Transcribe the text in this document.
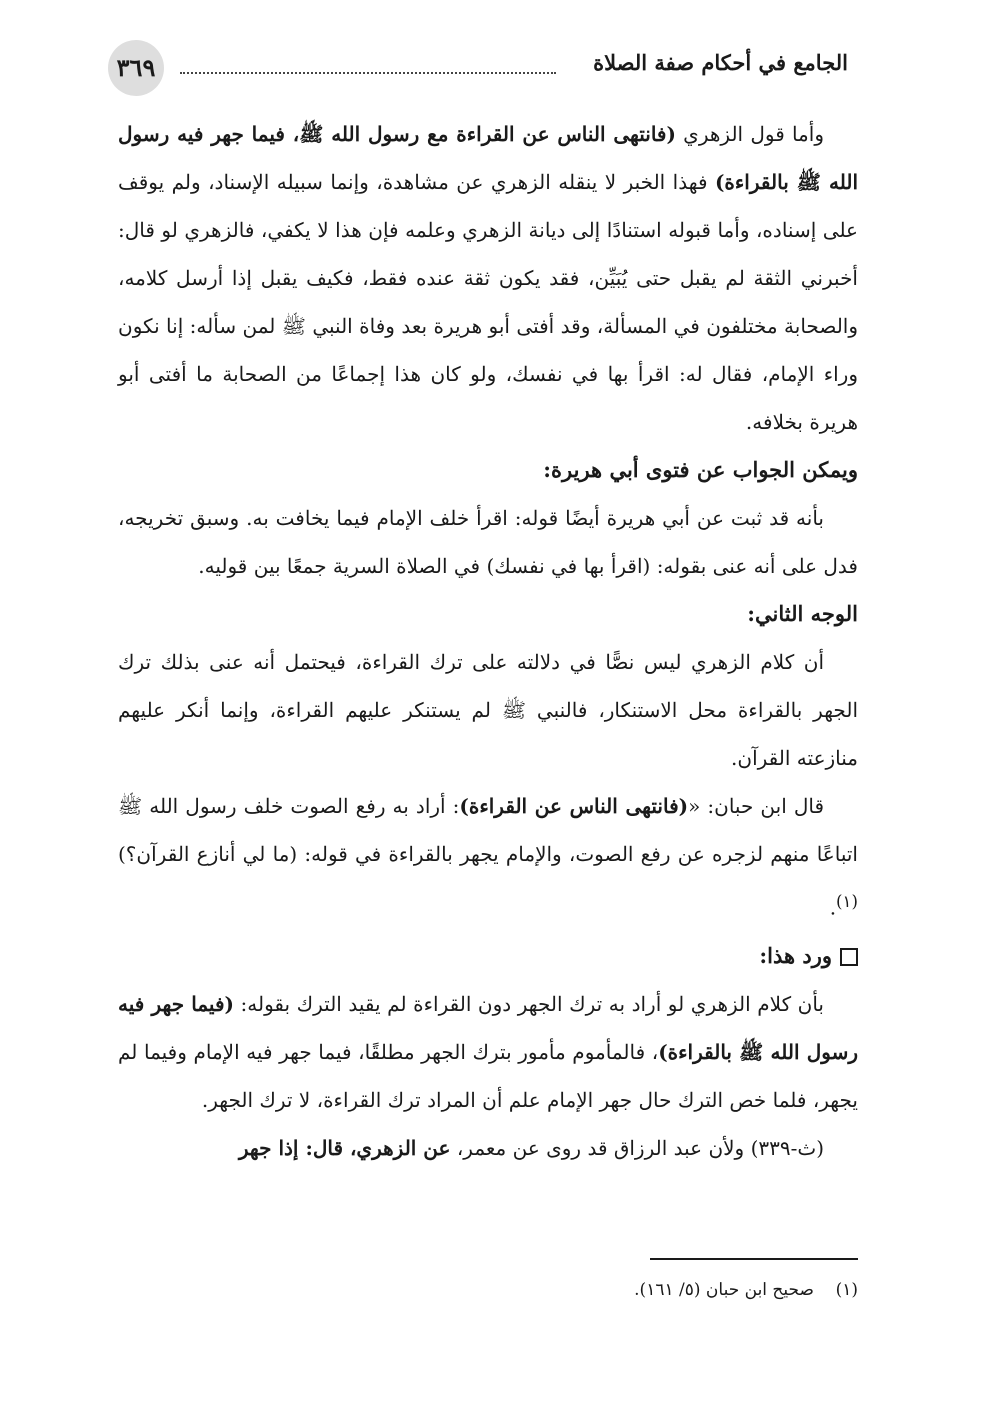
الجامع في أحكام صفة الصلاة
٣٦٩

وأما قول الزهري (فانتهى الناس عن القراءة مع رسول الله ﷺ، فيما جهر فيه رسول الله ﷺ بالقراءة) فهذا الخبر لا ينقله الزهري عن مشاهدة، وإنما سبيله الإسناد، ولم يوقف على إسناده، وأما قبوله استنادًا إلى ديانة الزهري وعلمه فإن هذا لا يكفي، فالزهري لو قال: أخبرني الثقة لم يقبل حتى يُبَيِّن، فقد يكون ثقة عنده فقط، فكيف يقبل إذا أرسل كلامه، والصحابة مختلفون في المسألة، وقد أفتى أبو هريرة بعد وفاة النبي ﷺ لمن سأله: إنا نكون وراء الإمام، فقال له: اقرأ بها في نفسك، ولو كان هذا إجماعًا من الصحابة ما أفتى أبو هريرة بخلافه.

ويمكن الجواب عن فتوى أبي هريرة:

بأنه قد ثبت عن أبي هريرة أيضًا قوله: اقرأ خلف الإمام فيما يخافت به. وسبق تخريجه، فدل على أنه عنى بقوله: (اقرأ بها في نفسك) في الصلاة السرية جمعًا بين قوليه.

الوجه الثاني:

أن كلام الزهري ليس نصًّا في دلالته على ترك القراءة، فيحتمل أنه عنى بذلك ترك الجهر بالقراءة محل الاستنكار، فالنبي ﷺ لم يستنكر عليهم القراءة، وإنما أنكر عليهم منازعته القرآن.

قال ابن حبان: «(فانتهى الناس عن القراءة): أراد به رفع الصوت خلف رسول الله ﷺ اتباعًا منهم لزجره عن رفع الصوت، والإمام يجهر بالقراءة في قوله: (ما لي أنازع القرآن؟)$^{(١)}$.

ورد هذا:

بأن كلام الزهري لو أراد به ترك الجهر دون القراءة لم يقيد الترك بقوله: (فيما جهر فيه رسول الله ﷺ بالقراءة)، فالمأموم مأمور بترك الجهر مطلقًا، فيما جهر فيه الإمام وفيما لم يجهر، فلما خص الترك حال جهر الإمام علم أن المراد ترك القراءة، لا ترك الجهر.

(ث-٣٣٩) ولأن عبد الرزاق قد روى عن معمر، عن الزهري، قال: إذا جهر

(١)    صحيح ابن حبان (٥/ ١٦١).
